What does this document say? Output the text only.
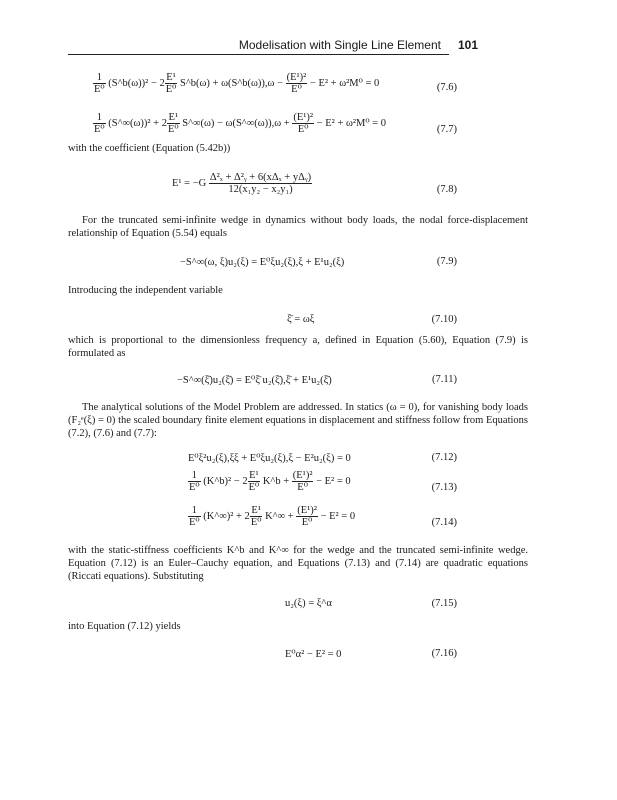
Modelisation with Single Line Element 101
$\frac{1}{\text{E⁰}}$ (S^b(ω))² − $2 \frac{\text{E¹}}{\text{E⁰}}$ S^b(ω) + ω(S^b(ω)),ω − $\frac{\text{(E¹)²}}{\text{E⁰}} - E^2 + \omega^2M^0 = 0$	(7.6)
$\frac{1}{\text{E⁰}}$ (S^∞(ω))² + $2 \frac{\text{E¹}}{\text{E⁰}}$ S^∞(ω) − ω(S^∞(ω)),ω + $\frac{\text{(E¹)²}}{\text{E⁰}} - E^2 + \omega^2M^0 = 0$
(7.7)

with the coefficient (Equation (5.42b))

$E^1 = -G \frac{\text{Δ²ₓ + Δ²ᵧ + 6(xΔₓ + yΔᵧ)}}{\text{12(x₁y₂ − x₂y₁)}}$	(7.8)

For the truncated semi-infinite wedge in dynamics without body loads, the nodal force-displacement relationship of Equation (5.54) equals

−S^∞(ω, ξ)u₂(ξ) = E⁰ξu₂(ξ),ξ + E¹u₂(ξ)	(7.9)

Introducing the independent variable

ξ̄ = ωξ	(7.10)

which is proportional to the dimensionless frequency a, defined in Equation (5.60), Equation (7.9) is formulated as

−S^∞(ξ̄)u₂(ξ̄) = E⁰ξ̄ u₂(ξ̄),ξ̄ + E¹u₂(ξ̄)	(7.11)

The analytical solutions of the Model Problem are addressed. In statics (ω = 0), for vanishing body loads (F₂ᵉ(ξ) = 0) the scaled boundary finite element equations in displacement and stiffness follow from Equations (7.2), (7.6) and (7.7):

E⁰ξ²u₂(ξ),ξξ + E⁰ξu₂(ξ),ξ − E²u₂(ξ) = 0	(7.12)
$\frac{1}{\text{E⁰}}$ (K^b)² − $2 \frac{\text{E¹}}{\text{E⁰}}$ K^b + $\frac{\text{(E¹)²}}{\text{E⁰}} - E^2 = 0$
(7.13)
$\frac{1}{\text{E⁰}}$ (K^∞)² + $2 \frac{\text{E¹}}{\text{E⁰}}$ K^∞ + $\frac{\text{(E¹)²}}{\text{E⁰}} - E^2 = 0$
(7.14)

with the static-stiffness coefficients K^b and K^∞ for the wedge and the truncated semi-infinite wedge. Equation (7.12) is an Euler–Cauchy equation, and Equations (7.13) and (7.14) are quadratic equations (Riccati equations). Substituting

u₂(ξ) = ξ^α	(7.15)

into Equation (7.12) yields

E⁰α² − E² = 0	(7.16)
